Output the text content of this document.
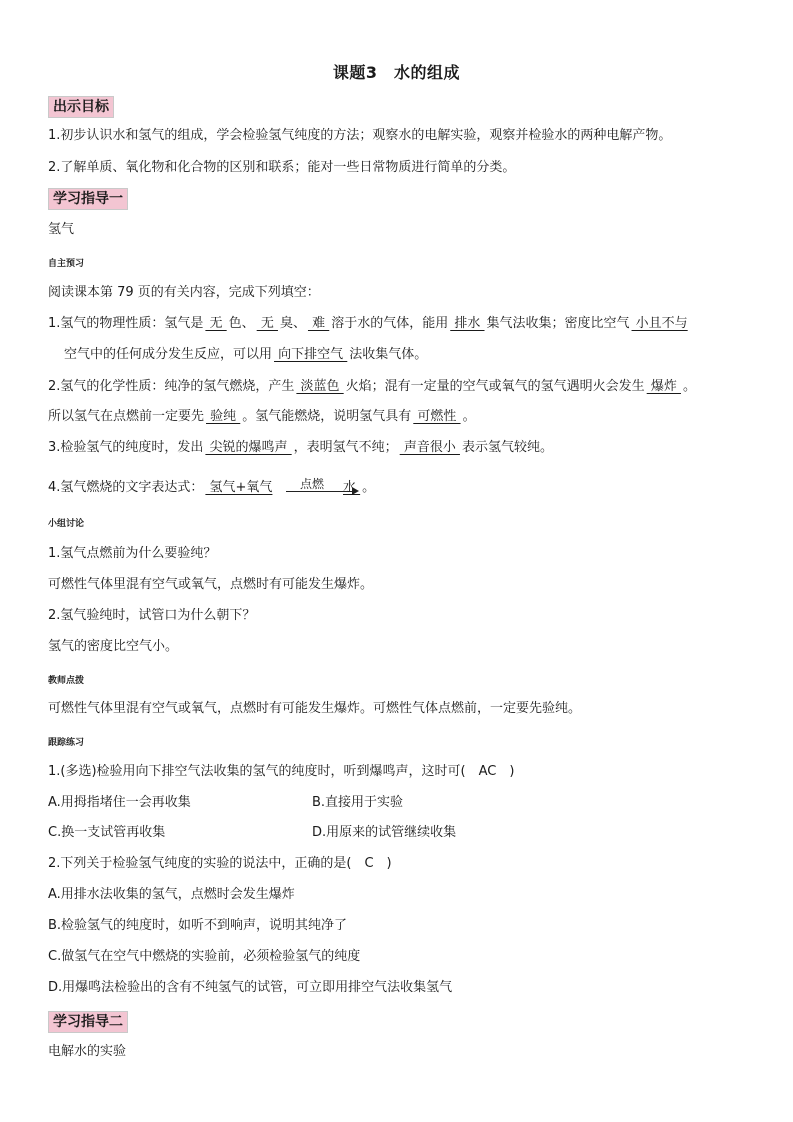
课题3　水的组成
出示目标
1.初步认识水和氢气的组成，学会检验氢气纯度的方法；观察水的电解实验，观察并检验水的两种电解产物。
2.了解单质、氧化物和化合物的区别和联系；能对一些日常物质进行简单的分类。
学习指导一
氢气
自主预习
阅读课本第 79 页的有关内容，完成下列填空：
1.氢气的物理性质：氢气是 无 色、 无 臭、 难 溶于水的气体，能用 排水 集气法收集；密度比空气 小且不与
空气中的任何成分发生反应，可以用 向下排空气 法收集气体。
2.氢气的化学性质：纯净的氢气燃烧，产生 淡蓝色 火焰；混有一定量的空气或氧气的氢气遇明火会发生 爆炸 。
所以氢气在点燃前一定要先 验纯 。氢气能燃烧，说明氢气具有 可燃性 。
3.检验氢气的纯度时，发出 尖锐的爆鸣声 ，表明氢气不纯； 声音很小 表示氢气较纯。
4.氢气燃烧的文字表达式： 氢气+氧气 点燃 水 。
小组讨论
1.氢气点燃前为什么要验纯？
可燃性气体里混有空气或氧气，点燃时有可能发生爆炸。
2.氢气验纯时，试管口为什么朝下？
氢气的密度比空气小。
教师点拨
可燃性气体里混有空气或氧气，点燃时有可能发生爆炸。可燃性气体点燃前，一定要先验纯。
跟踪练习
1.(多选)检验用向下排空气法收集的氢气的纯度时，听到爆鸣声，这时可(　AC　)
A.用拇指堵住一会再收集	B.直接用于实验
C.换一支试管再收集	D.用原来的试管继续收集
2.下列关于检验氢气纯度的实验的说法中，正确的是(　C　)
A.用排水法收集的氢气，点燃时会发生爆炸
B.检验氢气的纯度时，如听不到响声，说明其纯净了
C.做氢气在空气中燃烧的实验前，必须检验氢气的纯度
D.用爆鸣法检验出的含有不纯氢气的试管，可立即用排空气法收集氢气
学习指导二
电解水的实验
